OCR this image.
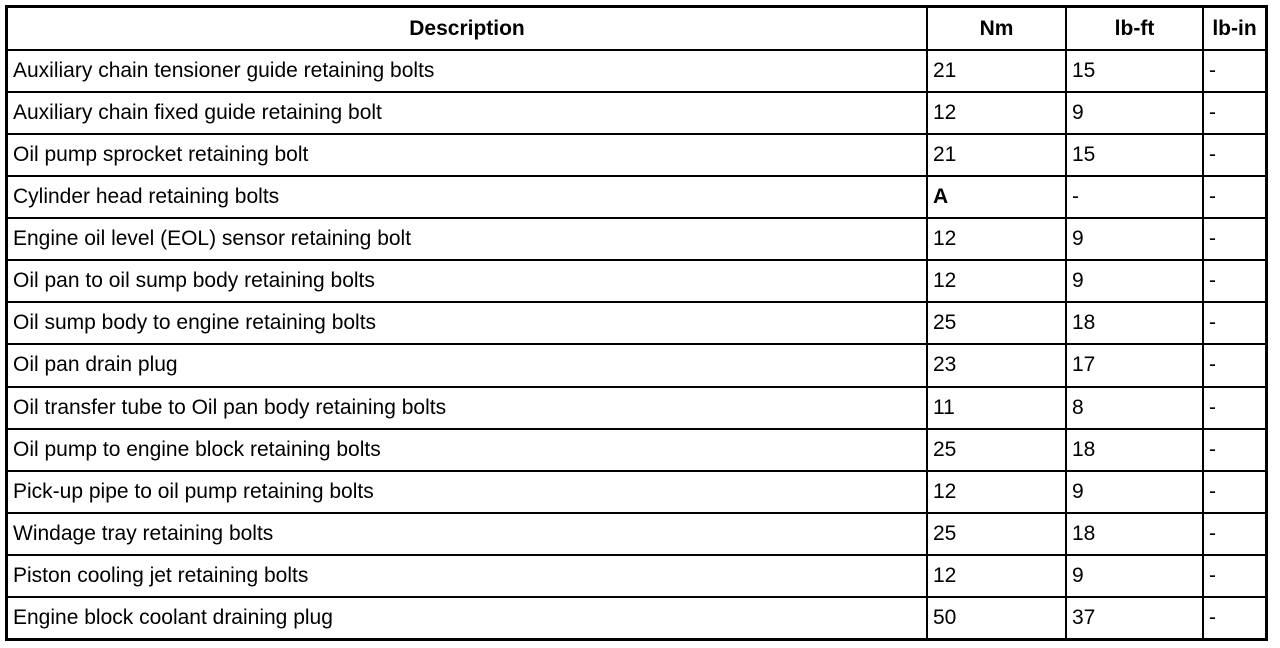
Description	Nm	lb-ft	lb-in
Auxiliary chain tensioner guide retaining bolts	21	15	-
Auxiliary chain fixed guide retaining bolt	12	9	-
Oil pump sprocket retaining bolt	21	15	-
Cylinder head retaining bolts	A	-	-
Engine oil level (EOL) sensor retaining bolt	12	9	-
Oil pan to oil sump body retaining bolts	12	9	-
Oil sump body to engine retaining bolts	25	18	-
Oil pan drain plug	23	17	-
Oil transfer tube to Oil pan body retaining bolts	11	8	-
Oil pump to engine block retaining bolts	25	18	-
Pick-up pipe to oil pump retaining bolts	12	9	-
Windage tray retaining bolts	25	18	-
Piston cooling jet retaining bolts	12	9	-
Engine block coolant draining plug	50	37	-
